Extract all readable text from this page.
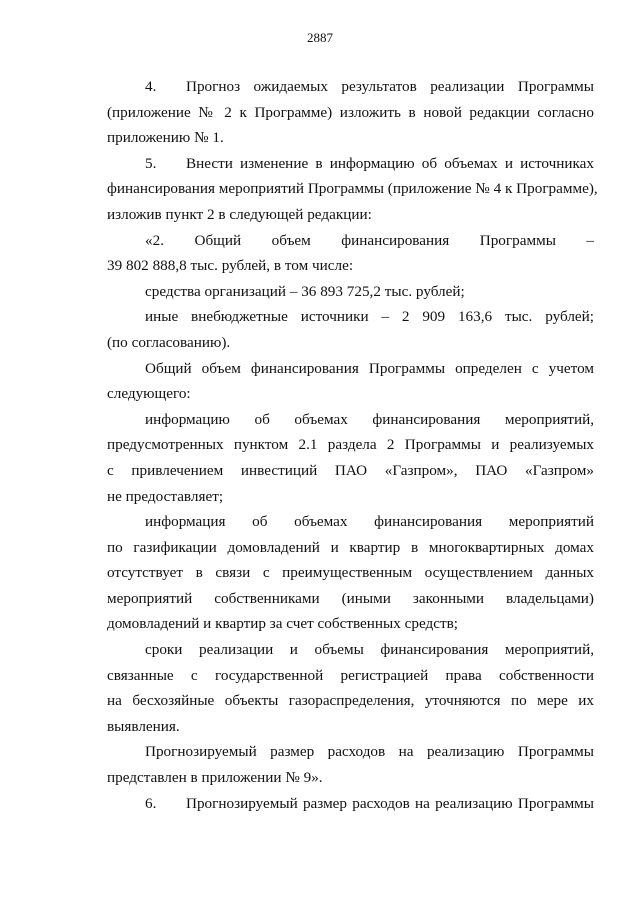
2887
4. Прогноз ожидаемых результатов реализации Программы
(приложение № 2 к Программе) изложить в новой редакции согласно
приложению № 1.
5. Внести изменение в информацию об объемах и источниках
финансирования мероприятий Программы (приложение № 4 к Программе),
изложив пункт 2 в следующей редакции:
«2. Общий объем финансирования Программы –
39 802 888,8 тыс. рублей, в том числе:
средства организаций – 36 893 725,2 тыс. рублей;
иные внебюджетные источники – 2 909 163,6 тыс. рублей;
(по согласованию).
Общий объем финансирования Программы определен с учетом
следующего:
информацию об объемах финансирования мероприятий,
предусмотренных пунктом 2.1 раздела 2 Программы и реализуемых
с привлечением инвестиций ПАО «Газпром», ПАО «Газпром»
не предоставляет;
информация об объемах финансирования мероприятий
по газификации домовладений и квартир в многоквартирных домах
отсутствует в связи с преимущественным осуществлением данных
мероприятий собственниками (иными законными владельцами)
домовладений и квартир за счет собственных средств;
сроки реализации и объемы финансирования мероприятий,
связанные с государственной регистрацией права собственности
на бесхозяйные объекты газораспределения, уточняются по мере их
выявления.
Прогнозируемый размер расходов на реализацию Программы
представлен в приложении № 9».
6. Прогнозируемый размер расходов на реализацию Программы
